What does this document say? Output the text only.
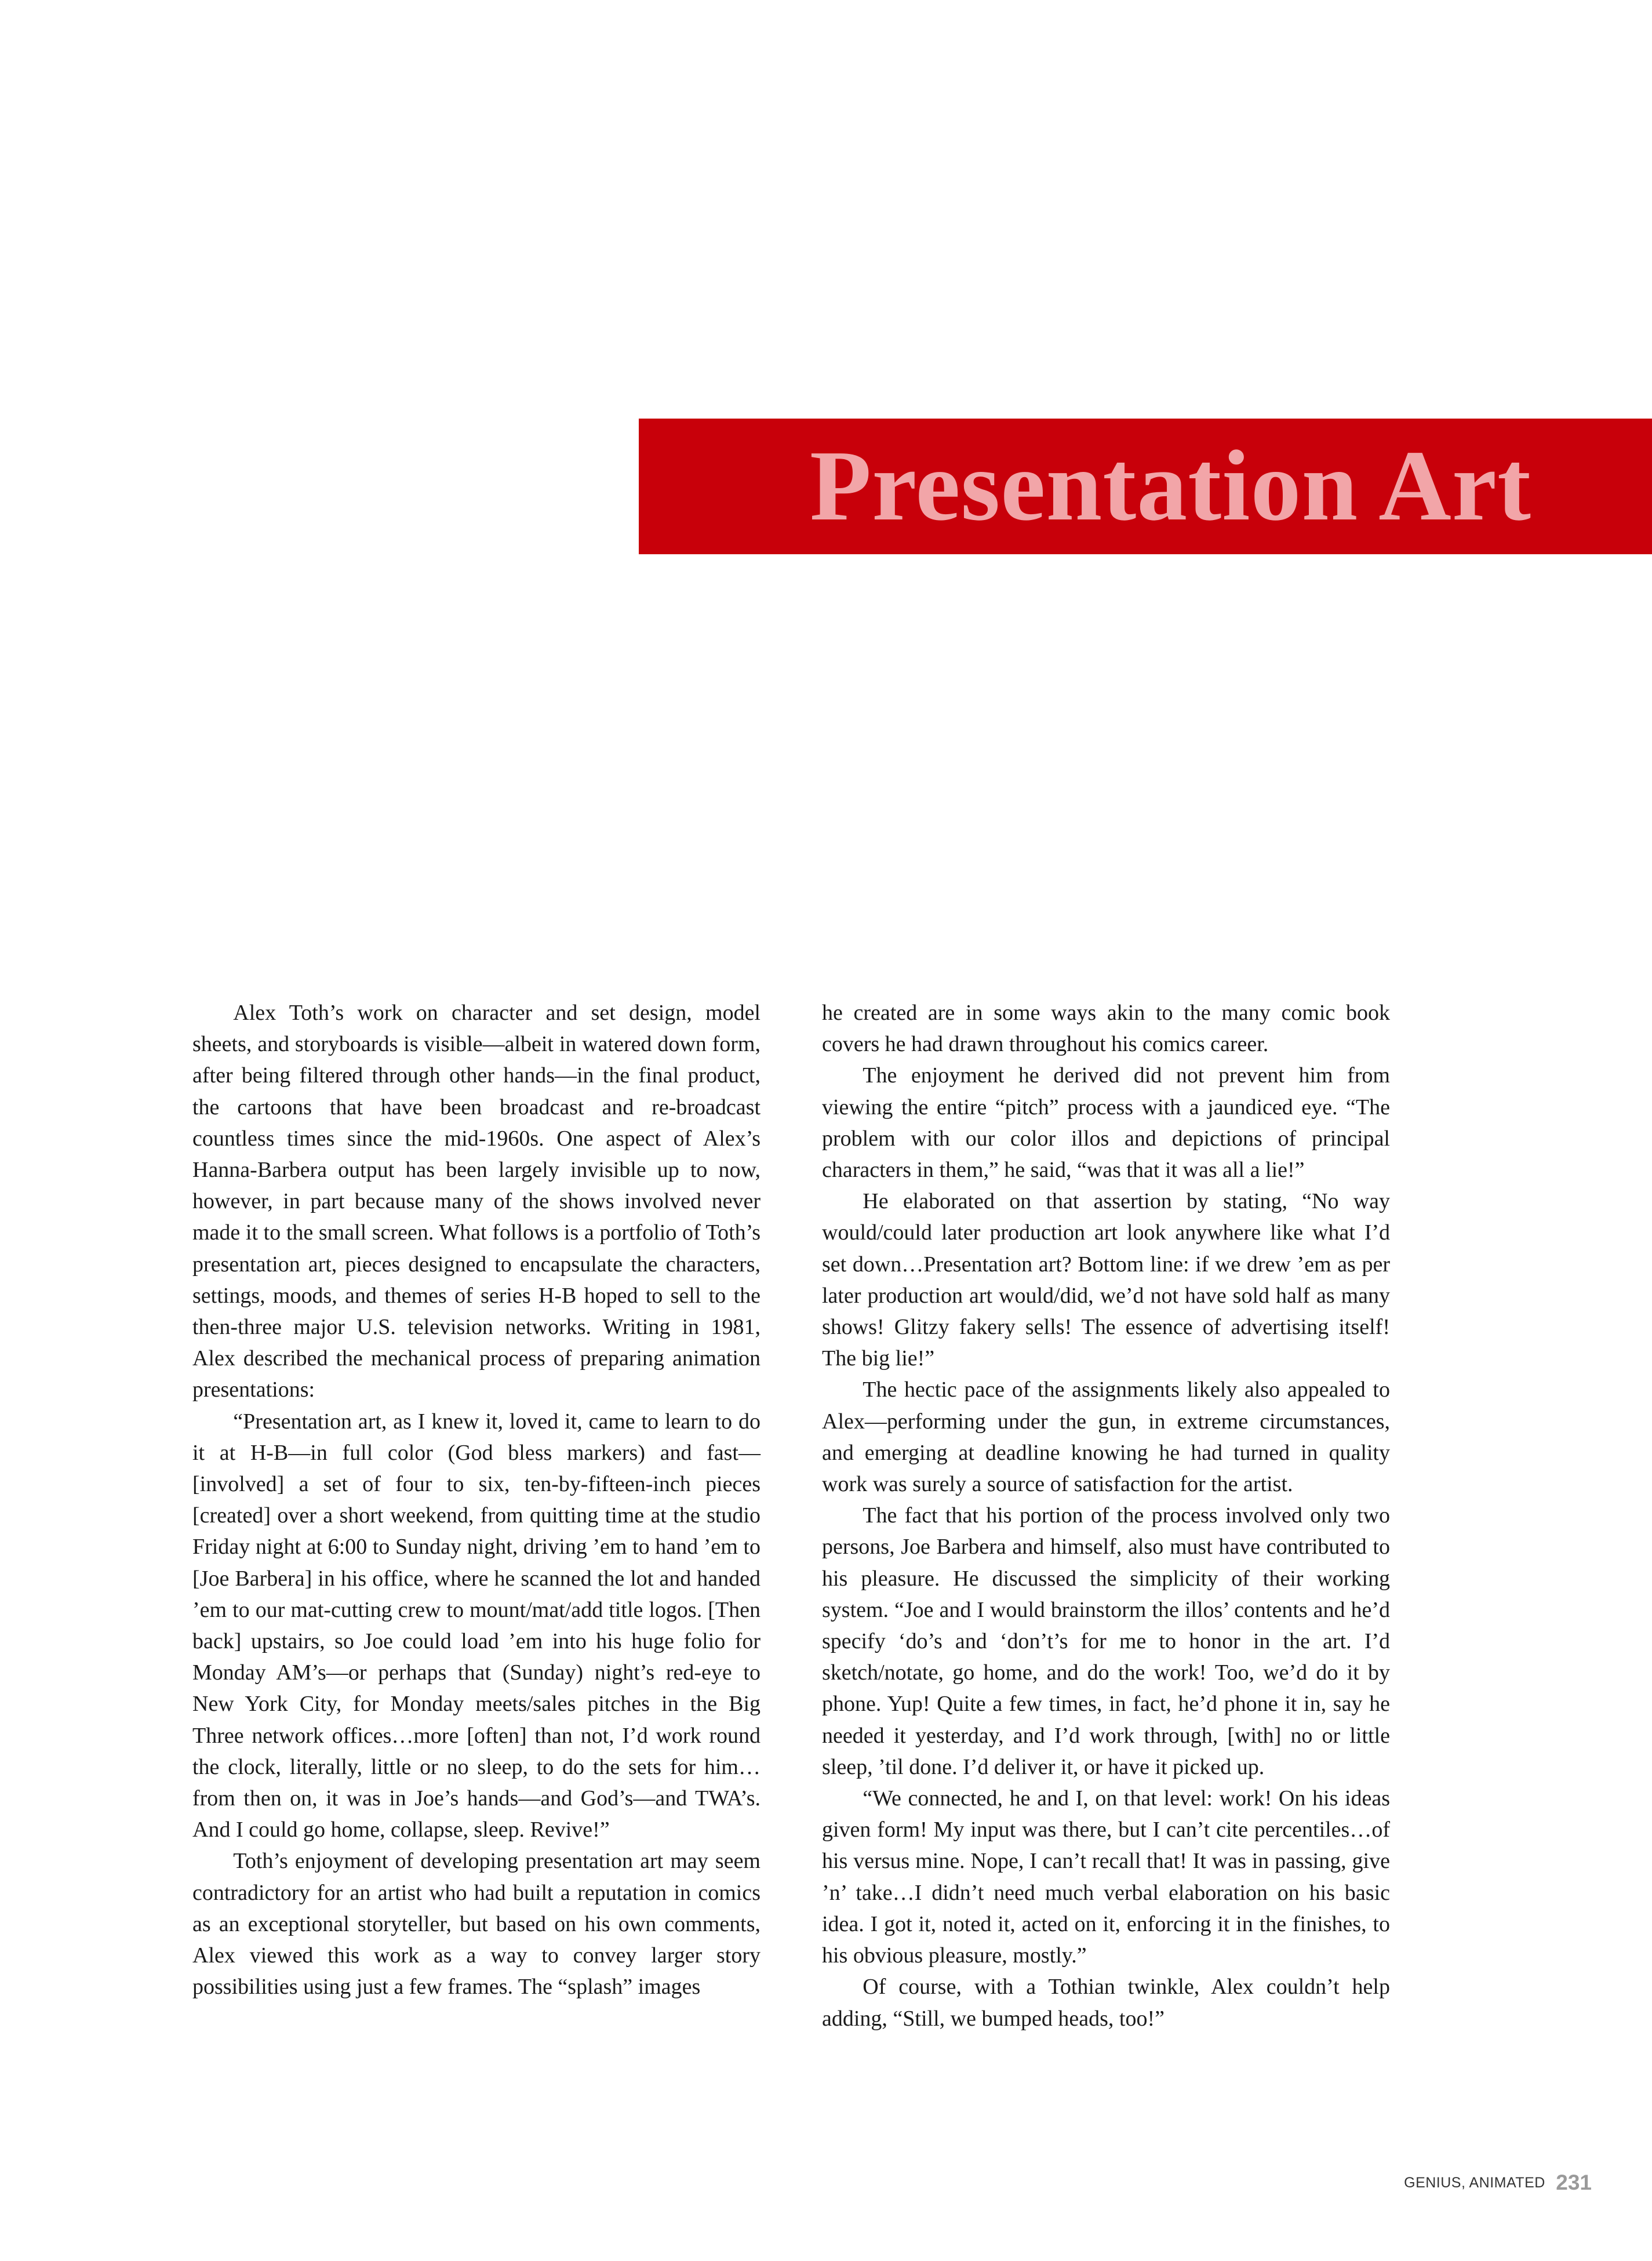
Presentation Art

Alex Toth’s work on character and set design, model sheets, and storyboards is visible—albeit in watered down form, after being filtered through other hands—in the final product, the cartoons that have been broadcast and re-broadcast countless times since the mid-1960s. One aspect of Alex’s Hanna-Barbera output has been largely invisible up to now, however, in part because many of the shows involved never made it to the small screen. What follows is a portfolio of Toth’s presentation art, pieces designed to encapsulate the characters, settings, moods, and themes of series H-B hoped to sell to the then-three major U.S. television networks. Writing in 1981, Alex described the mechanical process of preparing animation presentations:

“Presentation art, as I knew it, loved it, came to learn to do it at H-B—in full color (God bless markers) and fast—[involved] a set of four to six, ten-by-fifteen-inch pieces [created] over a short weekend, from quitting time at the studio Friday night at 6:00 to Sunday night, driving ’em to hand ’em to [Joe Barbera] in his office, where he scanned the lot and handed ’em to our mat-cutting crew to mount/mat/add title logos. [Then back] upstairs, so Joe could load ’em into his huge folio for Monday AM’s—or perhaps that (Sunday) night’s red-eye to New York City, for Monday meets/sales pitches in the Big Three network offices…more [often] than not, I’d work round the clock, literally, little or no sleep, to do the sets for him…from then on, it was in Joe’s hands—and God’s—and TWA’s. And I could go home, collapse, sleep. Revive!”

Toth’s enjoyment of developing presentation art may seem contradictory for an artist who had built a reputation in comics as an exceptional storyteller, but based on his own comments, Alex viewed this work as a way to convey larger story possibilities using just a few frames. The “splash” images

he created are in some ways akin to the many comic book covers he had drawn throughout his comics career.

The enjoyment he derived did not prevent him from viewing the entire “pitch” process with a jaundiced eye. “The problem with our color illos and depictions of principal characters in them,” he said, “was that it was all a lie!”

He elaborated on that assertion by stating, “No way would/could later production art look anywhere like what I’d set down…Presentation art? Bottom line: if we drew ’em as per later production art would/did, we’d not have sold half as many shows! Glitzy fakery sells! The essence of advertising itself! The big lie!”

The hectic pace of the assignments likely also appealed to Alex—performing under the gun, in extreme circumstances, and emerging at deadline knowing he had turned in quality work was surely a source of satisfaction for the artist.

The fact that his portion of the process involved only two persons, Joe Barbera and himself, also must have contributed to his pleasure. He discussed the simplicity of their working system. “Joe and I would brainstorm the illos’ contents and he’d specify ‘do’s and ‘don’t’s for me to honor in the art. I’d sketch/notate, go home, and do the work! Too, we’d do it by phone. Yup! Quite a few times, in fact, he’d phone it in, say he needed it yesterday, and I’d work through, [with] no or little sleep, ’til done. I’d deliver it, or have it picked up.

“We connected, he and I, on that level: work! On his ideas given form! My input was there, but I can’t cite percentiles…of his versus mine. Nope, I can’t recall that! It was in passing, give ’n’ take…I didn’t need much verbal elaboration on his basic idea. I got it, noted it, acted on it, enforcing it in the finishes, to his obvious pleasure, mostly.”

Of course, with a Tothian twinkle, Alex couldn’t help adding, “Still, we bumped heads, too!”

GENIUS, ANIMATED 231
